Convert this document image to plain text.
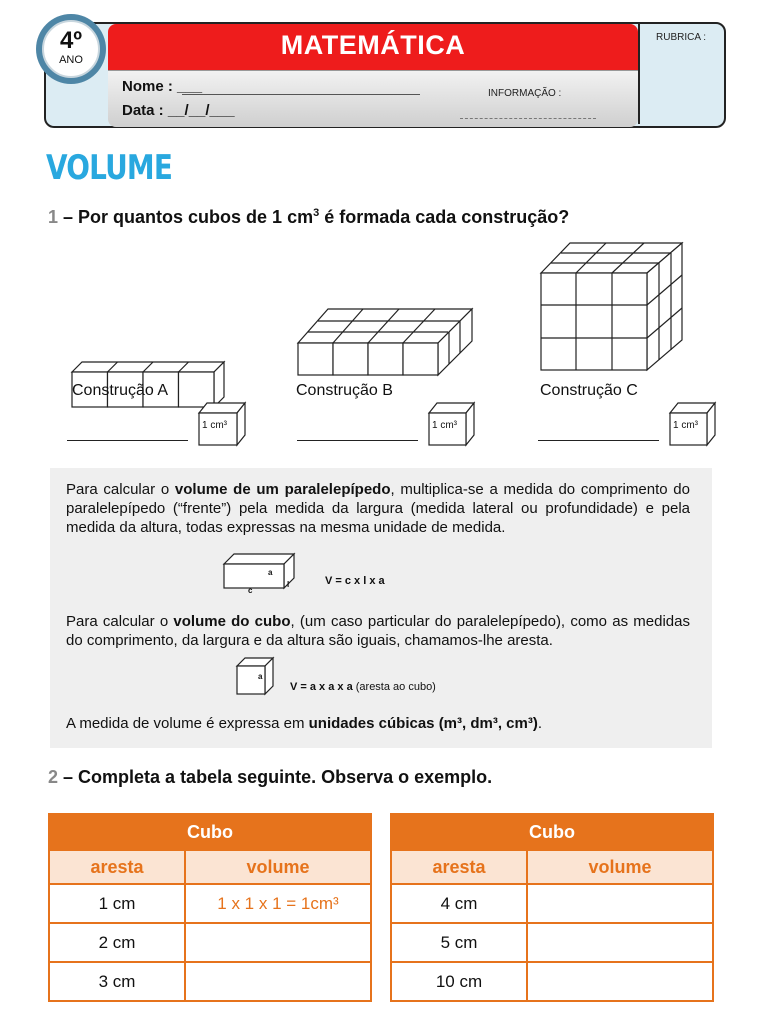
MATEMÁTICA	RUBRICA :
Nome : ___
Data : __/__/___
INFORMAÇÃO :
4º
ANO
VOLUME
1 – Por quantos cubos de 1 $cm^3$ é formada cada construção?
Construção A	Construção B	Construção C
1 cm³	1 cm³	1 cm³
Para calcular o volume de um paralelepípedo, multiplica-se a medida do comprimento do paralelepípedo (“frente”) pela medida da largura (medida lateral ou profundidade) e pela medida da altura, todas expressas na mesma unidade de medida.
c
l
a
V = c x l x a
Para calcular o volume do cubo, (um caso particular do paralelepípedo), como as medidas do comprimento, da largura e da altura são iguais, chamamos-lhe aresta.
a
V = a x a x a (aresta ao cubo)
A medida de volume é expressa em unidades cúbicas (m³, dm³, cm³).
2 – Completa a tabela seguinte. Observa o exemplo.
Cubo	
aresta	volume
1 cm	1 x 1 x 1 = 1cm³
2 cm	
3 cm	
Cubo	
aresta	volume
4 cm	
5 cm	
10 cm	
